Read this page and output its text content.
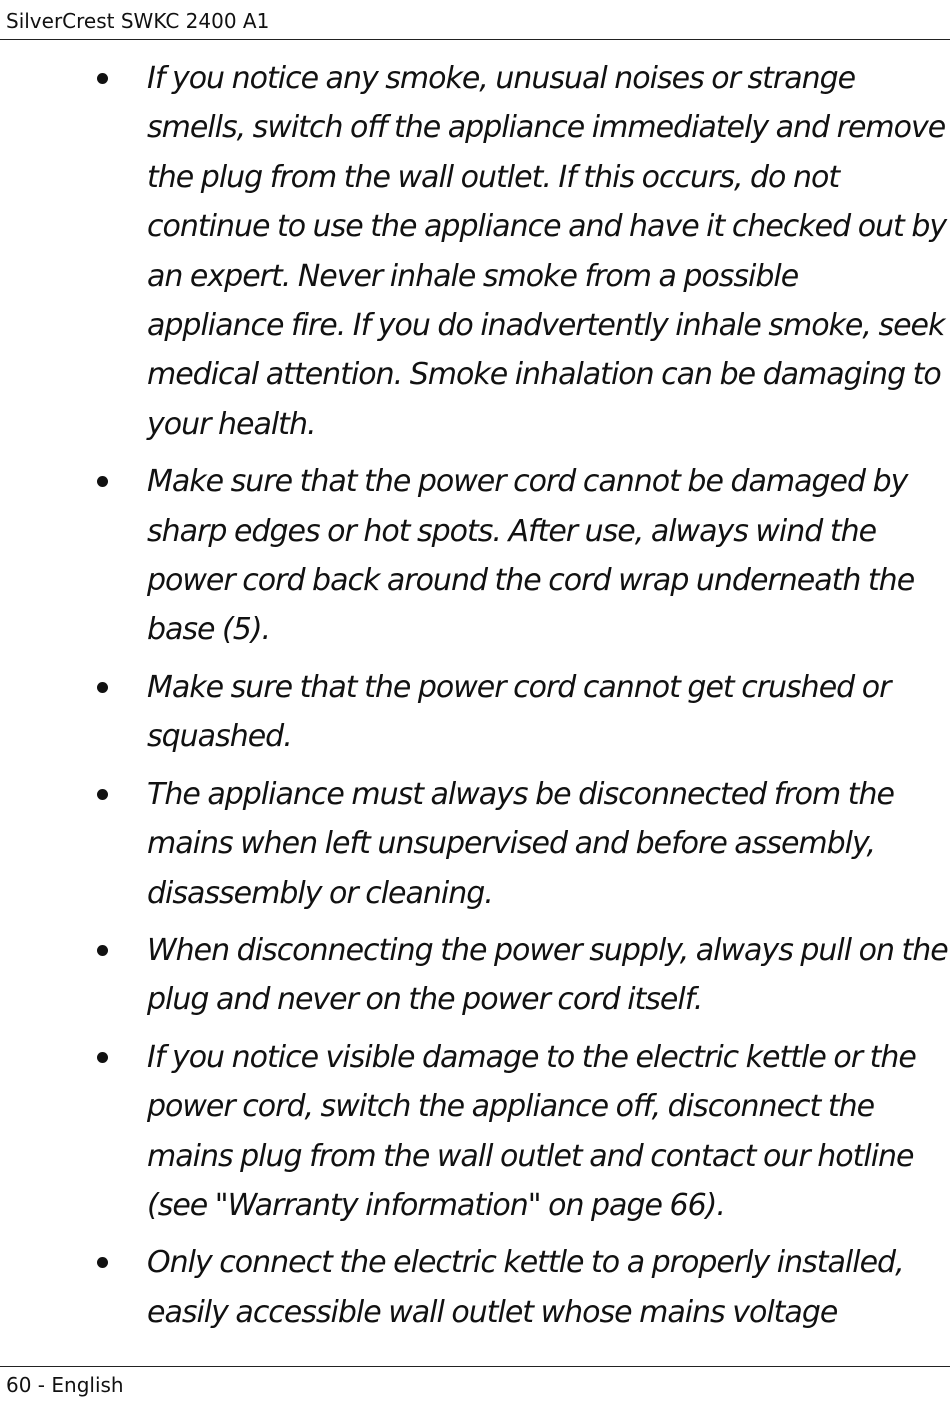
SilverCrest SWKC 2400 A1
If you notice any smoke, unusual noises or strange
smells, switch off the appliance immediately and remove
the plug from the wall outlet. If this occurs, do not
continue to use the appliance and have it checked out by
an expert. Never inhale smoke from a possible
appliance fire. If you do inadvertently inhale smoke, seek
medical attention. Smoke inhalation can be damaging to
your health.
Make sure that the power cord cannot be damaged by
sharp edges or hot spots. After use, always wind the
power cord back around the cord wrap underneath the
base (5).
Make sure that the power cord cannot get crushed or
squashed.
The appliance must always be disconnected from the
mains when left unsupervised and before assembly,
disassembly or cleaning.
When disconnecting the power supply, always pull on the
plug and never on the power cord itself.
If you notice visible damage to the electric kettle or the
power cord, switch the appliance off, disconnect the
mains plug from the wall outlet and contact our hotline
(see "Warranty information" on page 66).
Only connect the electric kettle to a properly installed,
easily accessible wall outlet whose mains voltage
60 - English
